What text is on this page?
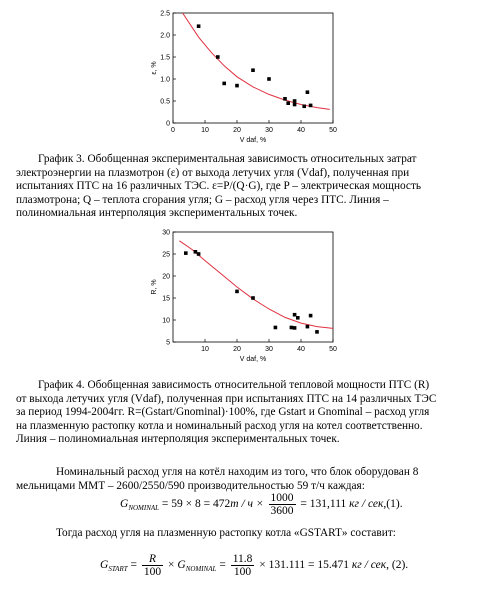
0	10	20	30	40	50
0
0.5
1.0
1.5
2.0
2.5
V daf, %
ε, %
График 3. Обобщенная экспериментальная зависимость относительных затрат
электроэнергии на плазмотрон (ε) от выхода летучих угля (Vdaf), полученная при
испытаниях ПТС на 16 различных ТЭС. ε=P/(Q·G), где P – электрическая мощность
плазмотрона; Q – теплота сгорания угля; G – расход угля через ПТС. Линия –
полиномиальная интерполяция экспериментальных точек.
10	20	30	40	50
5
10
15
20
25
30
V daf, %
R, %
График 4. Обобщенная зависимость относительной тепловой мощности ПТС (R)
от выхода летучих угля (Vdaf), полученная при испытаниях ПТС на 14 различных ТЭС
за период 1994-2004гг. R=(Gstart/Gnominal)·100%, где Gstart и Gnominal – расход угля
на плазменную растопку котла и номинальный расход угля на котел соответственно.
Линия – полиномиальная интерполяция экспериментальных точек.
Номинальный расход угля на котёл находим из того, что блок оборудован 8
мельницами ММТ – 2600/2550/590 производительностью 59 т/ч каждая:
$G_{NOMINAL} = 59 \times 8 = 472т / ч \times \frac{1000}{3600} = 131,111$ кг / сек,(1).
Тогда расход угля на плазменную растопку котла «GSTART» составит:
$G_{START} = \frac{R}{100} \times G_{NOMINAL} = \frac{11.8}{100} \times 131.111 = 15.471$ кг / сек, (2).
